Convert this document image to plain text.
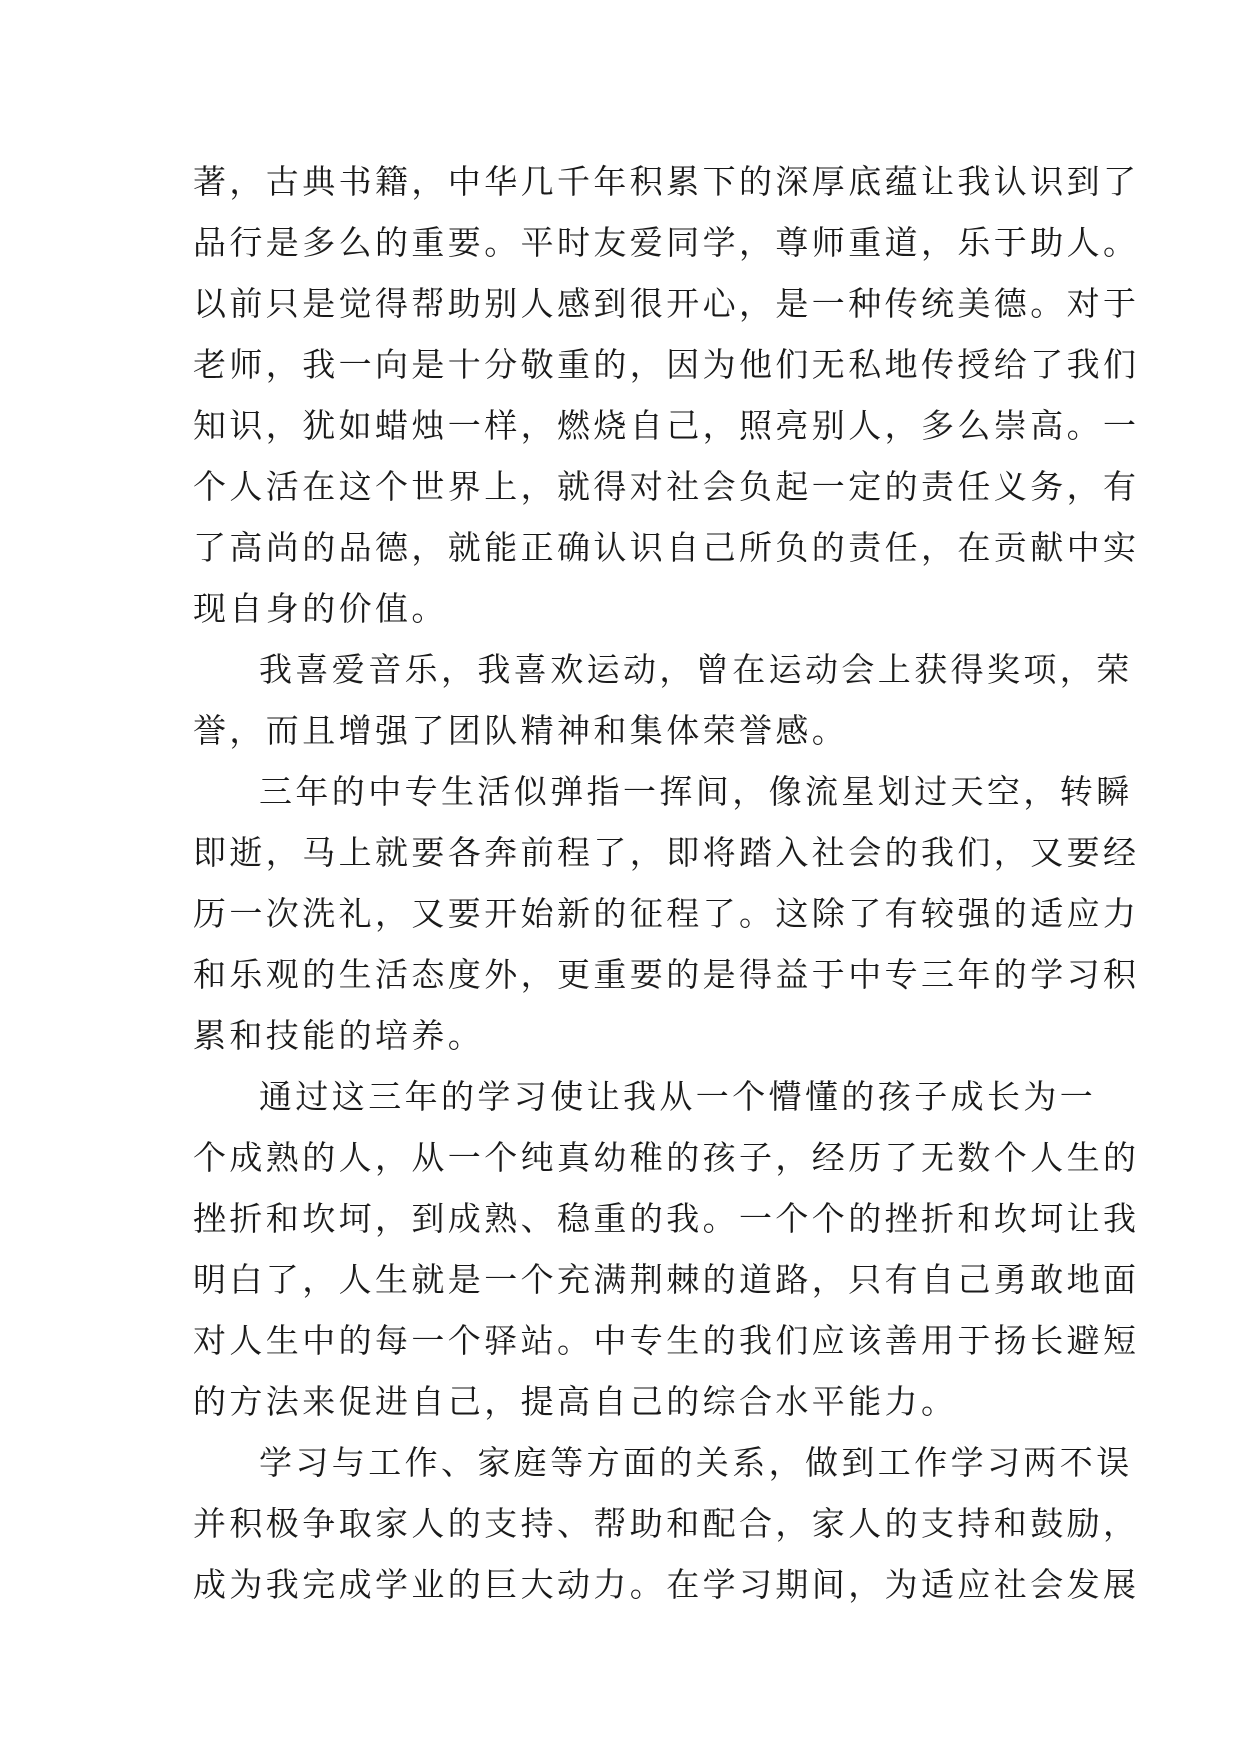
著，古典书籍，中华几千年积累下的深厚底蕴让我认识到了
品行是多么的重要。平时友爱同学，尊师重道，乐于助人。
以前只是觉得帮助别人感到很开心，是一种传统美德。对于
老师，我一向是十分敬重的，因为他们无私地传授给了我们
知识，犹如蜡烛一样，燃烧自己，照亮别人，多么崇高。一
个人活在这个世界上，就得对社会负起一定的责任义务，有
了高尚的品德，就能正确认识自己所负的责任，在贡献中实
现自身的价值。
我喜爱音乐，我喜欢运动，曾在运动会上获得奖项，荣
誉，而且增强了团队精神和集体荣誉感。
三年的中专生活似弹指一挥间，像流星划过天空，转瞬
即逝，马上就要各奔前程了，即将踏入社会的我们，又要经
历一次洗礼，又要开始新的征程了。这除了有较强的适应力
和乐观的生活态度外，更重要的是得益于中专三年的学习积
累和技能的培养。
通过这三年的学习使让我从一个懵懂的孩子成长为一
个成熟的人，从一个纯真幼稚的孩子，经历了无数个人生的
挫折和坎坷，到成熟、稳重的我。一个个的挫折和坎坷让我
明白了，人生就是一个充满荆棘的道路，只有自己勇敢地面
对人生中的每一个驿站。中专生的我们应该善用于扬长避短
的方法来促进自己，提高自己的综合水平能力。
学习与工作、家庭等方面的关系，做到工作学习两不误
并积极争取家人的支持、帮助和配合，家人的支持和鼓励，
成为我完成学业的巨大动力。在学习期间，为适应社会发展
